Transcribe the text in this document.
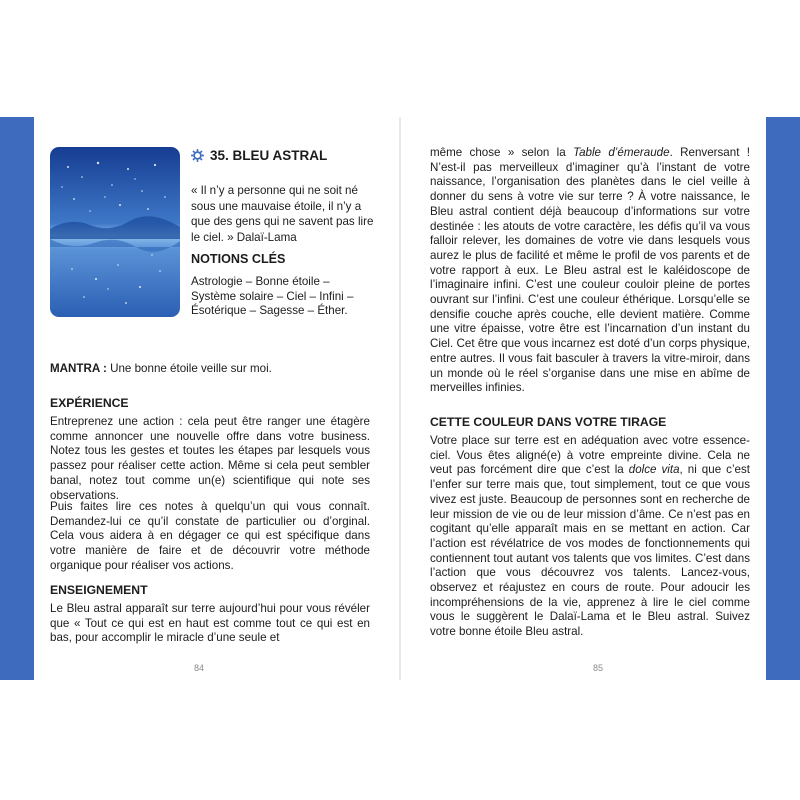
35. BLEU ASTRAL
« Il n’y a personne qui ne soit né sous une mauvaise étoile, il n’y a que des gens qui ne savent pas lire le ciel. » Dalaï-Lama
NOTIONS CLÉS
Astrologie – Bonne étoile – Système solaire – Ciel – Infini – Ésotérique – Sagesse – Éther.
MANTRA : Une bonne étoile veille sur moi.
EXPÉRIENCE
Entreprenez une action : cela peut être ranger une étagère comme annoncer une nouvelle offre dans votre business. Notez tous les gestes et toutes les étapes par lesquels vous passez pour réaliser cette action. Même si cela peut sembler banal, notez tout comme un(e) scientifique qui note ses observations.
Puis faites lire ces notes à quelqu’un qui vous connaît. Demandez-lui ce qu’il constate de particulier ou d’orginal. Cela vous aidera à en dégager ce qui est spécifique dans votre manière de faire et de découvrir votre méthode organique pour réaliser vos actions.
ENSEIGNEMENT
Le Bleu astral apparaît sur terre aujourd’hui pour vous révéler que « Tout ce qui est en haut est comme tout ce qui est en bas, pour accomplir le miracle d’une seule et
84
même chose » selon la Table d’émeraude. Renversant ! N’est-il pas merveilleux d’imaginer qu’à l’instant de votre naissance, l’organisation des planètes dans le ciel veille à donner du sens à votre vie sur terre ? À votre naissance, le Bleu astral contient déjà beaucoup d’informations sur votre destinée : les atouts de votre caractère, les défis qu’il va vous falloir relever, les domaines de votre vie dans lesquels vous aurez le plus de facilité et même le profil de vos parents et de votre rapport à eux. Le Bleu astral est le kaléidoscope de l’imaginaire infini. C’est une couleur couloir pleine de portes ouvrant sur l’infini. C’est une couleur éthérique. Lorsqu’elle se densifie couche après couche, elle devient matière. Comme une vitre épaisse, votre être est l’incarnation d’un instant du Ciel. Cet être que vous incarnez est doté d’un corps physique, entre autres. Il vous fait basculer à travers la vitre-miroir, dans un monde où le réel s’organise dans une mise en abîme de merveilles infinies.
CETTE COULEUR DANS VOTRE TIRAGE
Votre place sur terre est en adéquation avec votre essence-ciel. Vous êtes aligné(e) à votre empreinte divine. Cela ne veut pas forcément dire que c’est la dolce vita, ni que c’est l’enfer sur terre mais que, tout simplement, tout ce que vous vivez est juste. Beaucoup de personnes sont en recherche de leur mission de vie ou de leur mission d’âme. Ce n’est pas en cogitant qu’elle apparaît mais en se mettant en action. Car l’action est révélatrice de vos modes de fonctionnements qui contiennent tout autant vos talents que vos limites. C’est dans l’action que vous découvrez vos talents. Lancez-vous, observez et réajustez en cours de route. Pour adoucir les incompréhensions de la vie, apprenez à lire le ciel comme vous le suggèrent le Dalaï-Lama et le Bleu astral. Suivez votre bonne étoile Bleu astral.
85
